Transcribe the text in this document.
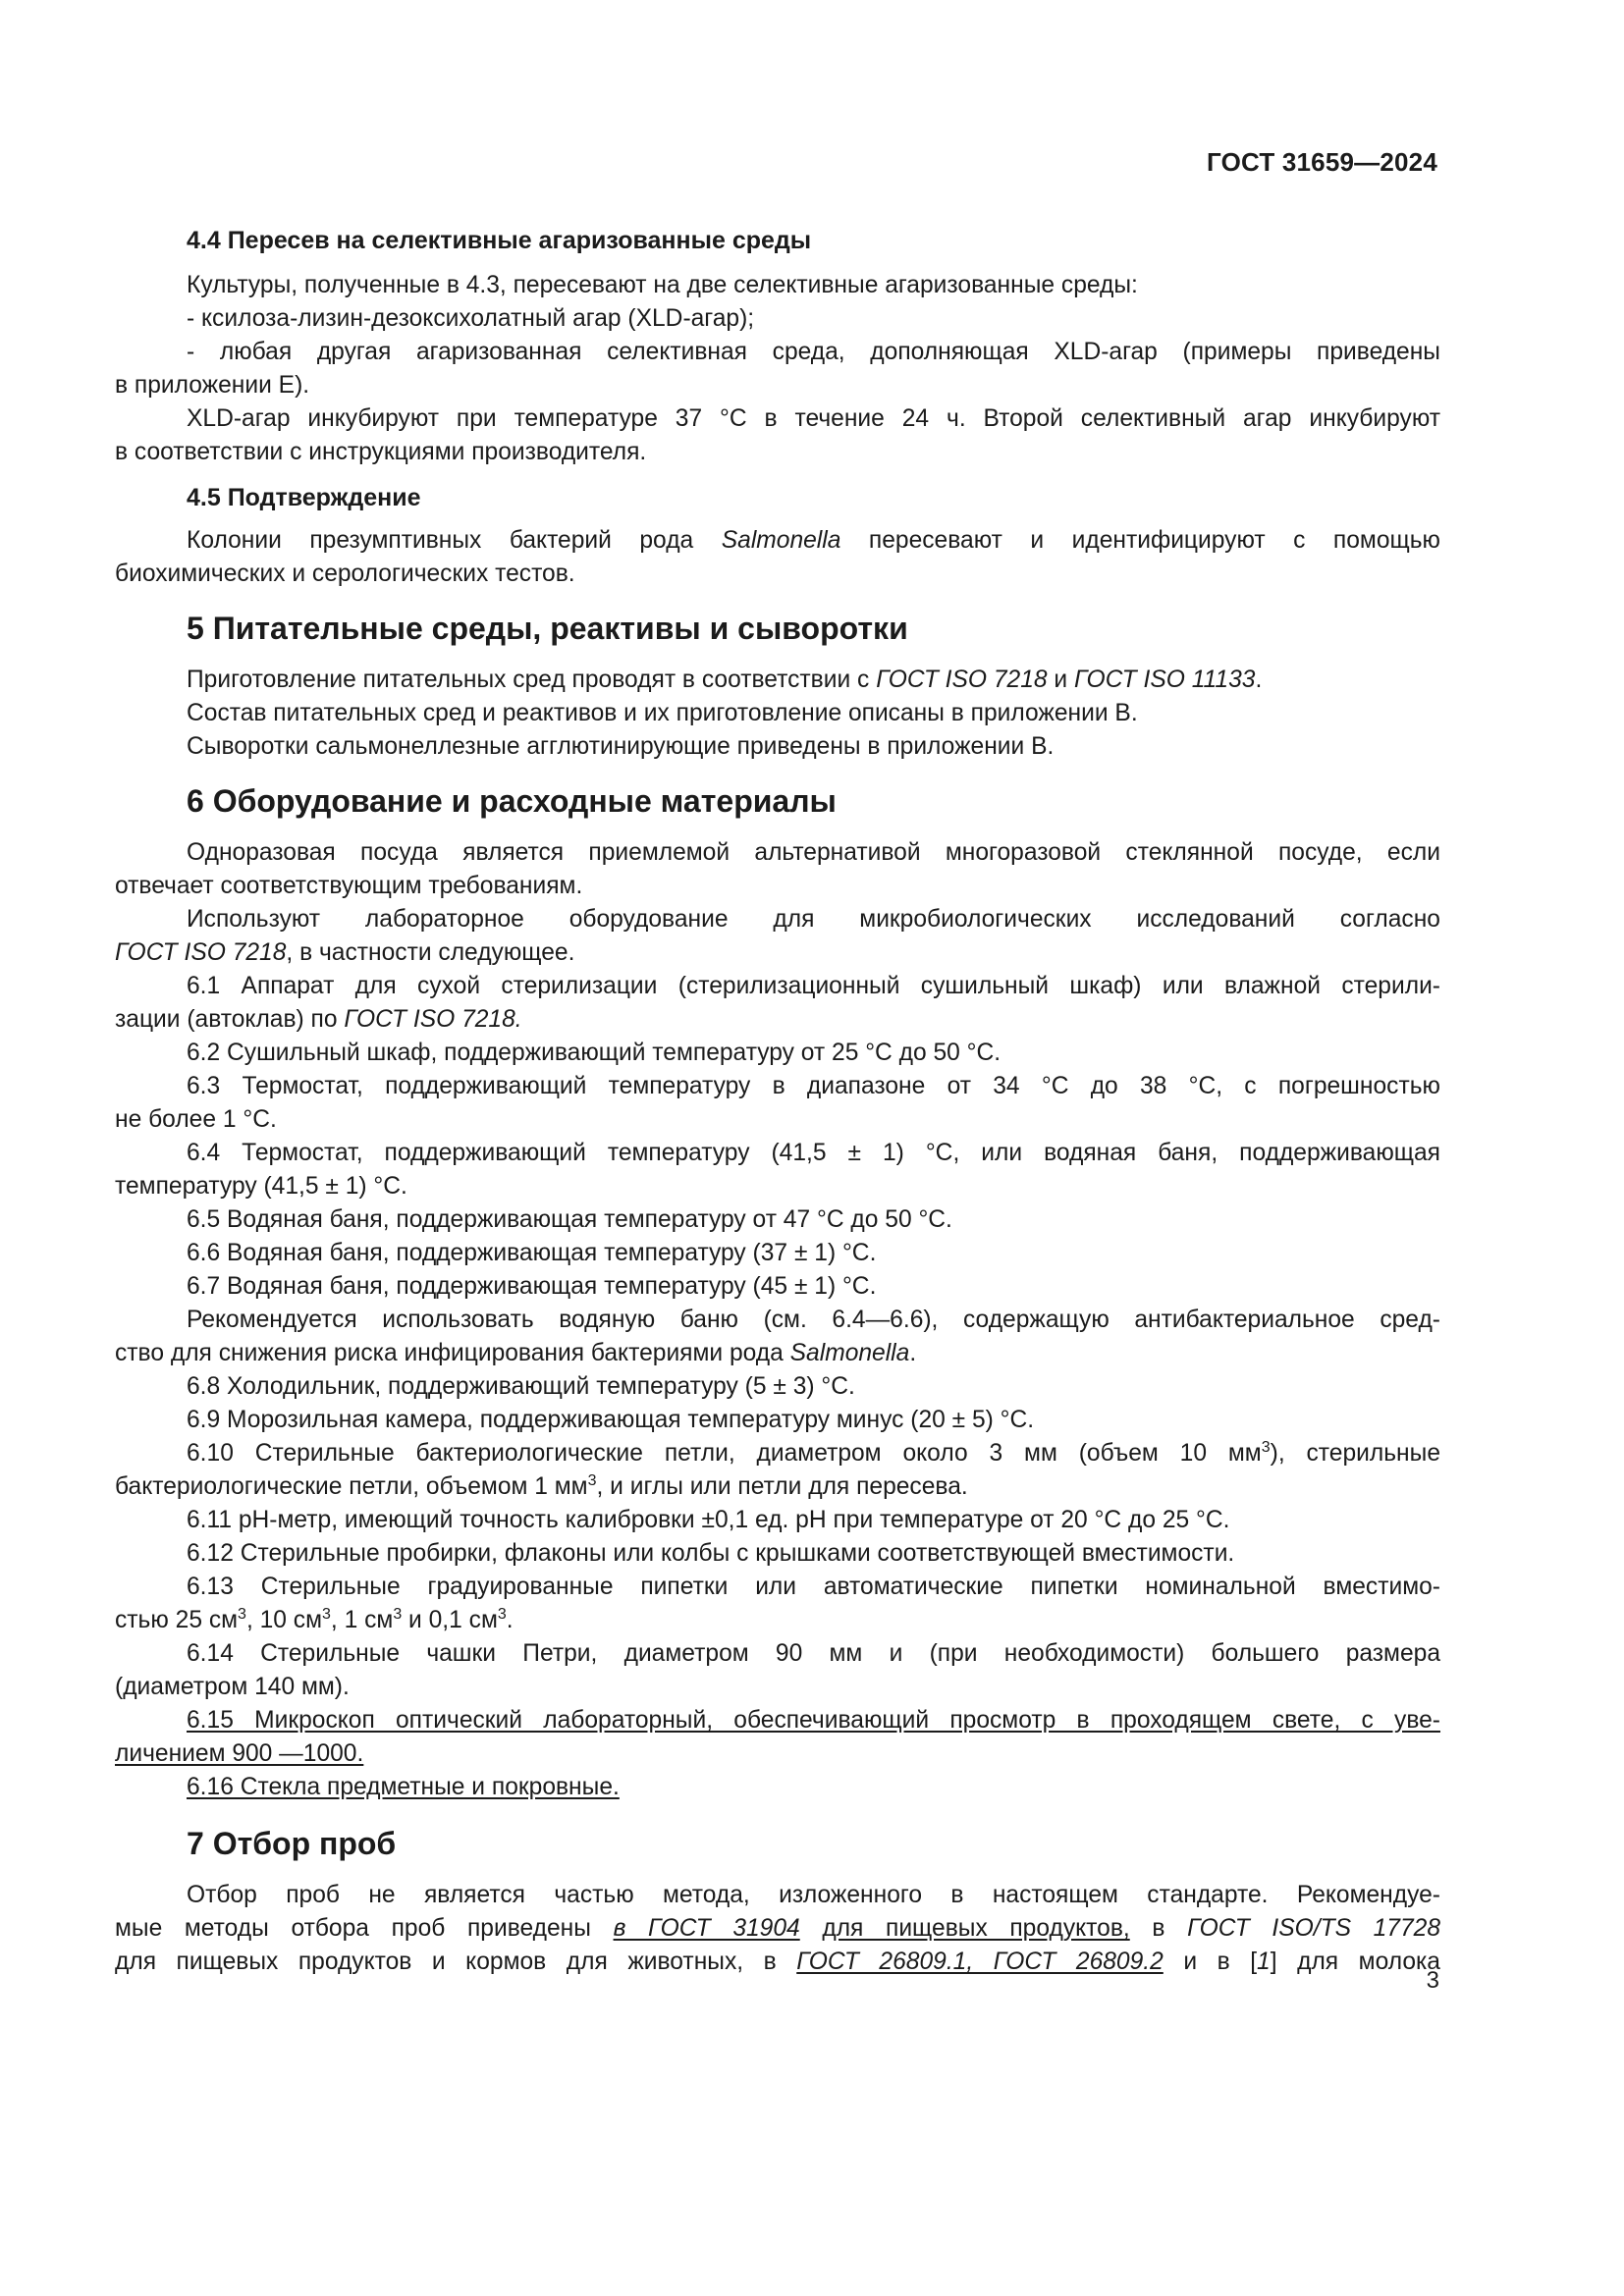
ГОСТ 31659—2024
4.4 Пересев на селективные агаризованные среды
Культуры, полученные в 4.3, пересевают на две селективные агаризованные среды:
- ксилоза-лизин-дезоксихолатный агар (XLD-агар);
- любая другая агаризованная селективная среда, дополняющая XLD-агар (примеры приведены
в приложении Е).
XLD-агар инкубируют при температуре 37 °С в течение 24 ч. Второй селективный агар инкубируют
в соответствии с инструкциями производителя.
4.5 Подтверждение
Колонии презумптивных бактерий рода Salmonella пересевают и идентифицируют с помощью
биохимических и серологических тестов.
5 Питательные среды, реактивы и сыворотки
Приготовление питательных сред проводят в соответствии с ГОСТ ISO 7218 и ГОСТ ISO 11133.
Состав питательных сред и реактивов и их приготовление описаны в приложении В.
Сыворотки сальмонеллезные агглютинирующие приведены в приложении В.
6 Оборудование и расходные материалы
Одноразовая посуда является приемлемой альтернативой многоразовой стеклянной посуде, если
отвечает соответствующим требованиям.
Используют лабораторное оборудование для микробиологических исследований согласно
ГОСТ ISO 7218, в частности следующее.
6.1 Аппарат для сухой стерилизации (стерилизационный сушильный шкаф) или влажной стерили-
зации (автоклав) по ГОСТ ISO 7218.
6.2 Сушильный шкаф, поддерживающий температуру от 25 °С до 50 °С.
6.3 Термостат, поддерживающий температуру в диапазоне от 34 °С до 38 °С, с погрешностью
не более 1 °С.
6.4 Термостат, поддерживающий температуру (41,5 ± 1) °С, или водяная баня, поддерживающая
температуру (41,5 ± 1) °С.
6.5 Водяная баня, поддерживающая температуру от 47 °С до 50 °С.
6.6 Водяная баня, поддерживающая температуру (37 ± 1) °С.
6.7 Водяная баня, поддерживающая температуру (45 ± 1) °С.
Рекомендуется использовать водяную баню (см. 6.4—6.6), содержащую антибактериальное сред-
ство для снижения риска инфицирования бактериями рода Salmonella.
6.8 Холодильник, поддерживающий температуру (5 ± 3) °С.
6.9 Морозильная камера, поддерживающая температуру минус (20 ± 5) °С.
6.10 Стерильные бактериологические петли, диаметром около 3 мм (объем 10 $мм^3$), стерильные
бактериологические петли, объемом 1 $мм^3$, и иглы или петли для пересева.
6.11 pH-метр, имеющий точность калибровки ±0,1 ед. pH при температуре от 20 °С до 25 °С.
6.12 Стерильные пробирки, флаконы или колбы с крышками соответствующей вместимости.
6.13 Стерильные градуированные пипетки или автоматические пипетки номинальной вместимо-
стью 25 $см^3$, 10 $см^3$, 1 $см^3$ и 0,1 $см^3$.
6.14 Стерильные чашки Петри, диаметром 90 мм и (при необходимости) большего размера
(диаметром 140 мм).
6.15 Микроскоп оптический лабораторный, обеспечивающий просмотр в проходящем свете, с уве-
личением 900 —1000.
6.16 Стекла предметные и покровные.
7 Отбор проб
Отбор проб не является частью метода, изложенного в настоящем стандарте. Рекомендуе-
мые методы отбора проб приведены в ГОСТ 31904 для пищевых продуктов, в ГОСТ ISO/TS 17728
для пищевых продуктов и кормов для животных, в ГОСТ 26809.1, ГОСТ 26809.2 и в [1] для молока
3
